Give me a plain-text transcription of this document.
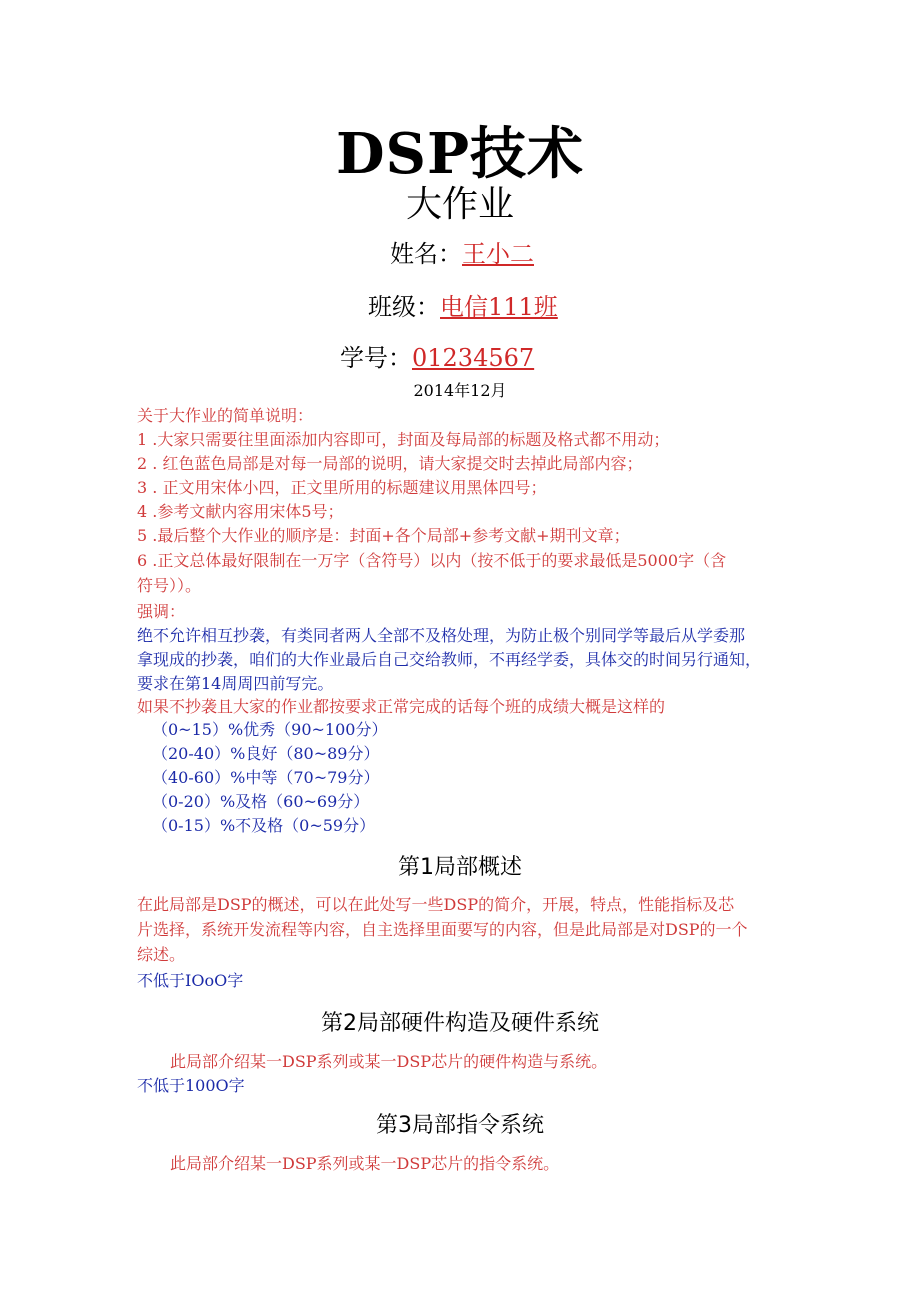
DSP技术
大作业
姓名：王小二
班级：电信111班
学号：01234567
2014年12月
关于大作业的简单说明：
1 .大家只需要往里面添加内容即可，封面及每局部的标题及格式都不用动；
2 . 红色蓝色局部是对每一局部的说明，请大家提交时去掉此局部内容；
3 . 正文用宋体小四，正文里所用的标题建议用黑体四号；
4 .参考文献内容用宋体5号；
5 .最后整个大作业的顺序是：封面+各个局部+参考文献+期刊文章；
6 .正文总体最好限制在一万字（含符号）以内（按不低于的要求最低是5000字（含
符号））。
强调：
绝不允许相互抄袭，有类同者两人全部不及格处理，为防止极个别同学等最后从学委那
拿现成的抄袭，咱们的大作业最后自己交给教师，不再经学委，具体交的时间另行通知，
要求在第14周周四前写完。
如果不抄袭且大家的作业都按要求正常完成的话每个班的成绩大概是这样的
（0~15）%优秀（90~100分）
（20-40）%良好（80~89分）
（40-60）%中等（70~79分）
（0-20）%及格（60~69分）
（0-15）%不及格（0~59分）
第1局部概述
在此局部是DSP的概述，可以在此处写一些DSP的简介，开展，特点，性能指标及芯
片选择，系统开发流程等内容，自主选择里面要写的内容，但是此局部是对DSP的一个
综述。
不低于IOoO字
第2局部硬件构造及硬件系统
此局部介绍某一DSP系列或某一DSP芯片的硬件构造与系统。
不低于100O字
第3局部指令系统
此局部介绍某一DSP系列或某一DSP芯片的指令系统。
